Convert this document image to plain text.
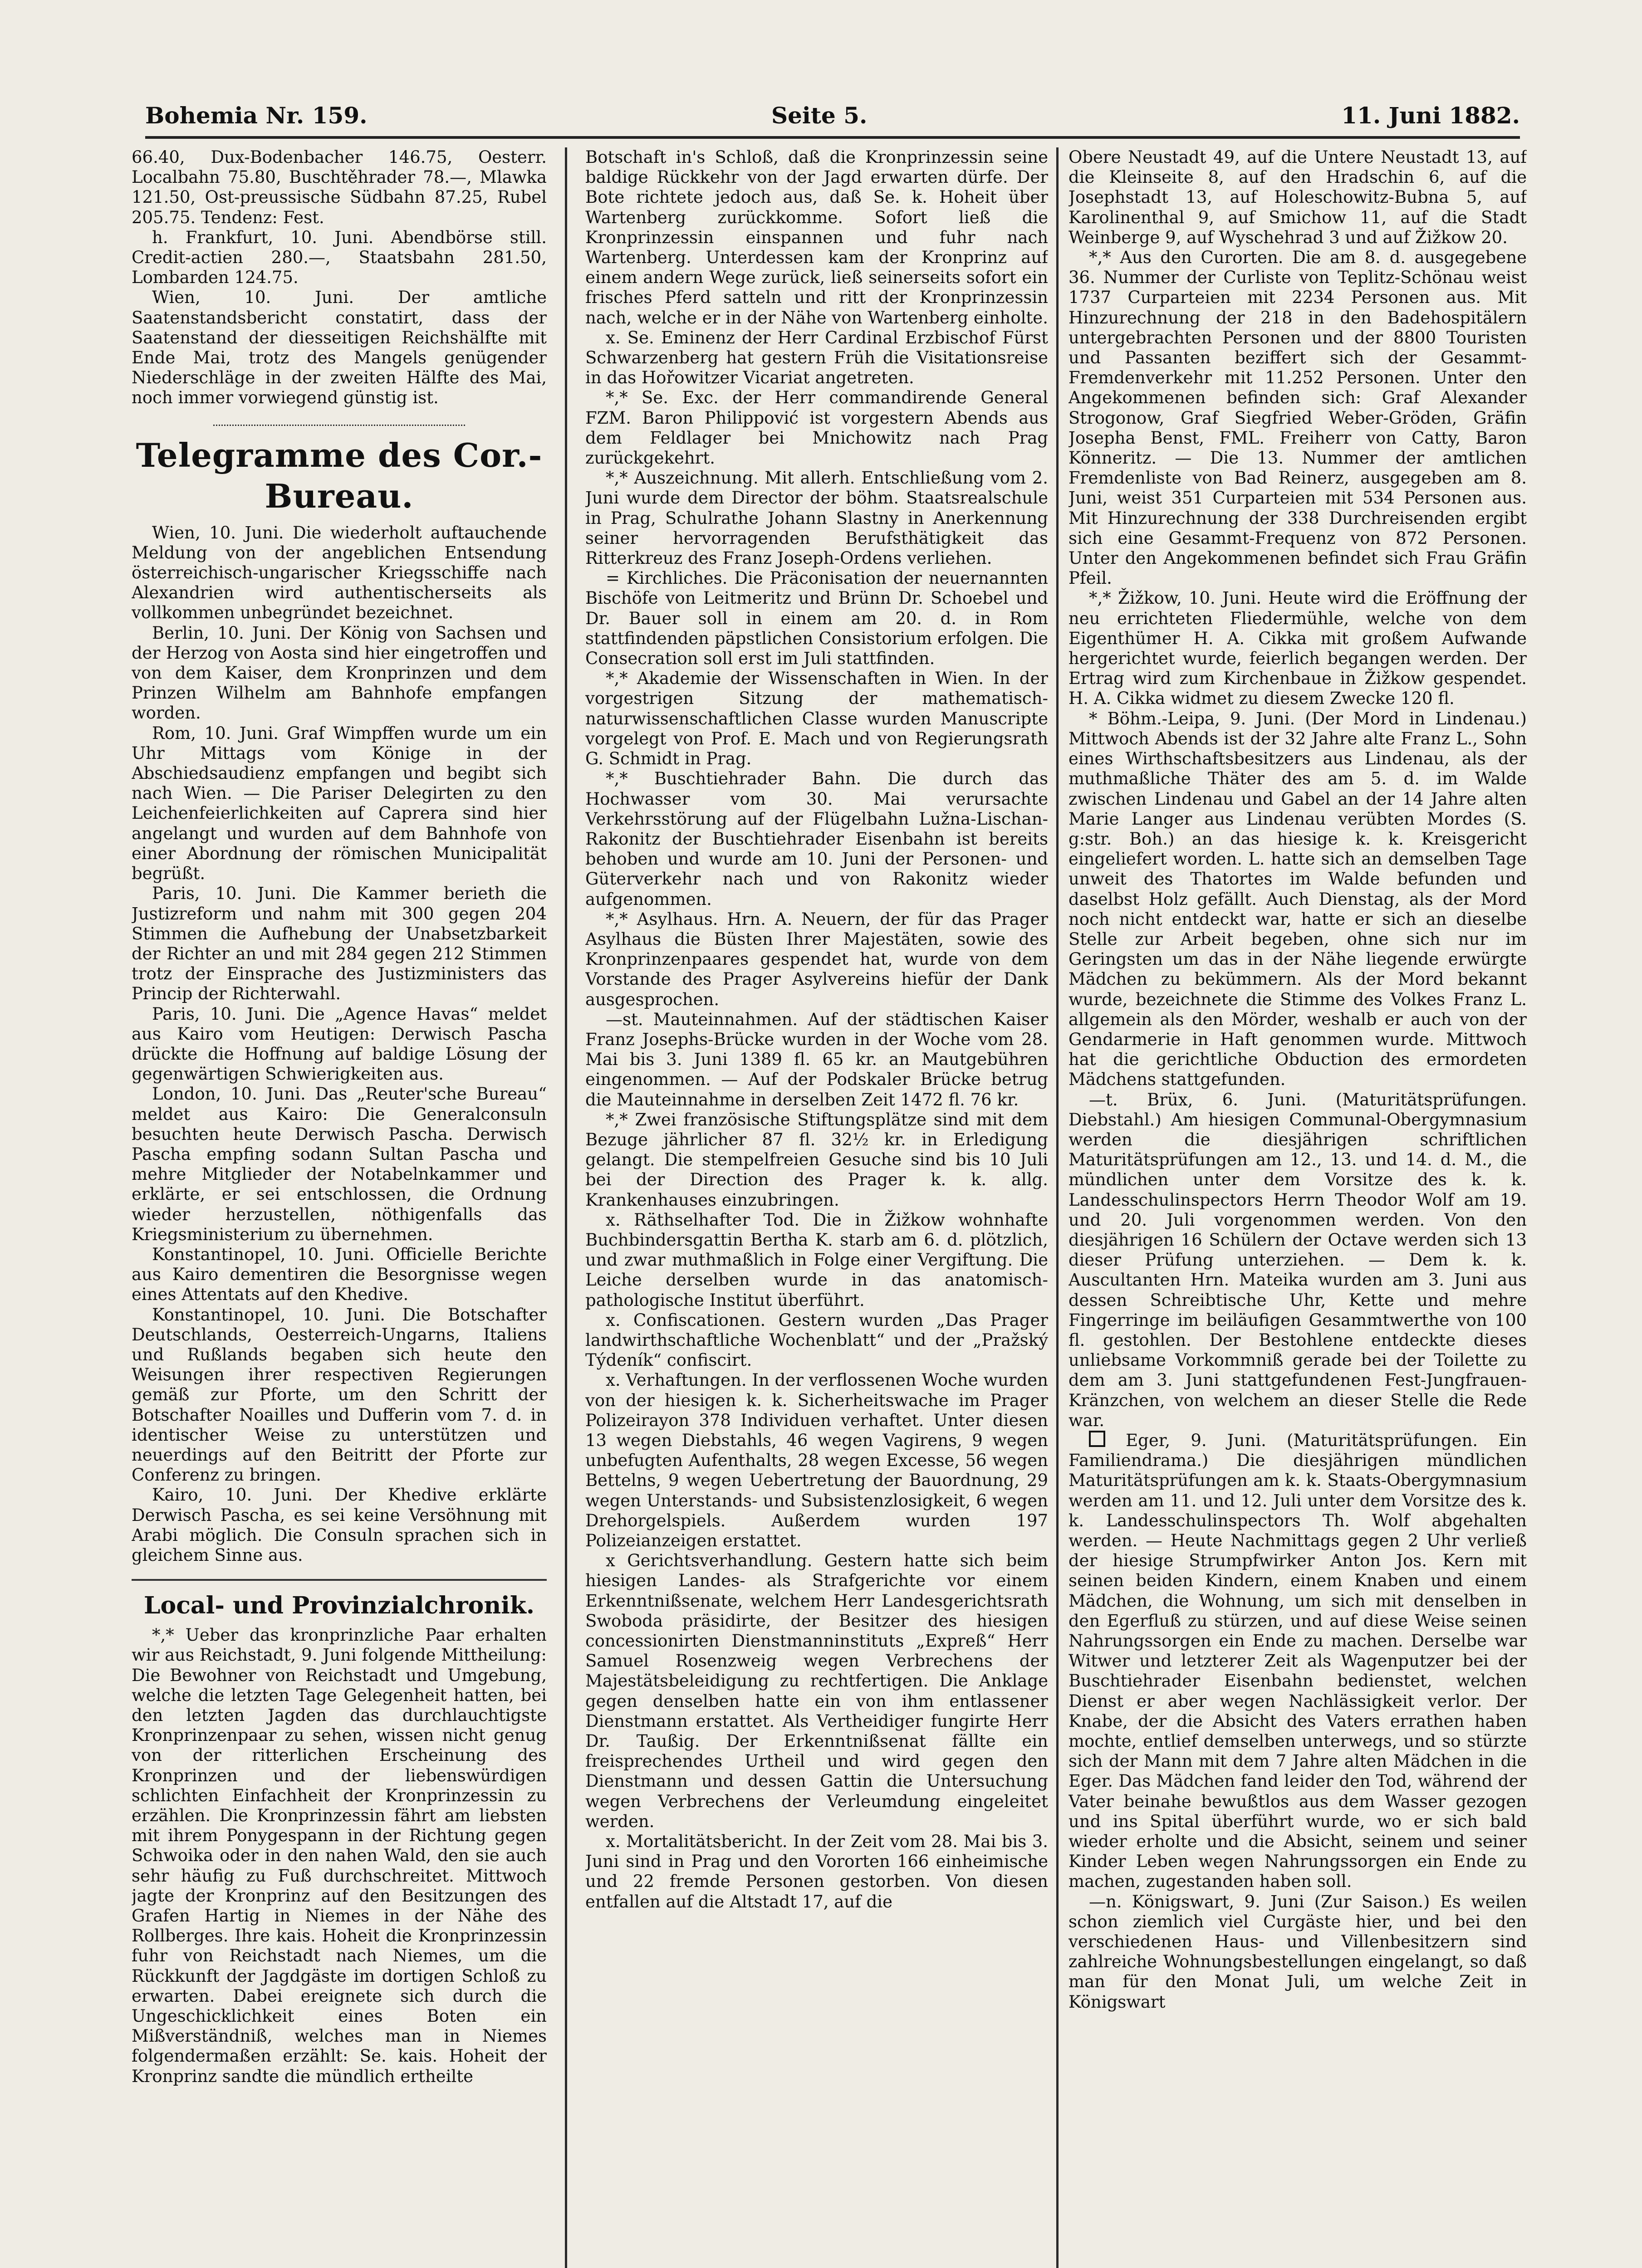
Bohemia Nr. 159.	Seite 5.	11. Juni 1882.

66.40, Dux-Bodenbacher 146.75, Oesterr. Localbahn 75.80, Buschtěhrader 78.—, Mlawka 121.50, Ost-preussische Südbahn 87.25, Rubel 205.75. Tendenz: Fest.

h. Frankfurt, 10. Juni. Abendbörse still. Credit-actien 280.—, Staatsbahn 281.50, Lombarden 124.75.

Wien, 10. Juni. Der amtliche Saatenstandsbericht constatirt, dass der Saatenstand der diesseitigen Reichshälfte mit Ende Mai, trotz des Mangels genügender Niederschläge in der zweiten Hälfte des Mai, noch immer vorwiegend günstig ist.

Telegramme des Cor.-Bureau.

Wien, 10. Juni. Die wiederholt auftauchende Meldung von der angeblichen Entsendung österreichisch-ungarischer Kriegsschiffe nach Alexandrien wird authentischerseits als vollkommen unbegründet bezeichnet.

Berlin, 10. Juni. Der König von Sachsen und der Herzog von Aosta sind hier eingetroffen und von dem Kaiser, dem Kronprinzen und dem Prinzen Wilhelm am Bahnhofe empfangen worden.

Rom, 10. Juni. Graf Wimpffen wurde um ein Uhr Mittags vom Könige in der Abschiedsaudienz empfangen und begibt sich nach Wien. — Die Pariser Delegirten zu den Leichenfeierlichkeiten auf Caprera sind hier angelangt und wurden auf dem Bahnhofe von einer Abordnung der römischen Municipalität begrüßt.

Paris, 10. Juni. Die Kammer berieth die Justizreform und nahm mit 300 gegen 204 Stimmen die Aufhebung der Unabsetzbarkeit der Richter an und mit 284 gegen 212 Stimmen trotz der Einsprache des Justizministers das Princip der Richterwahl.

Paris, 10. Juni. Die „Agence Havas“ meldet aus Kairo vom Heutigen: Derwisch Pascha drückte die Hoffnung auf baldige Lösung der gegenwärtigen Schwierigkeiten aus.

London, 10. Juni. Das „Reuter'sche Bureau“ meldet aus Kairo: Die Generalconsuln besuchten heute Derwisch Pascha. Derwisch Pascha empfing sodann Sultan Pascha und mehre Mitglieder der Notabelnkammer und erklärte, er sei entschlossen, die Ordnung wieder herzustellen, nöthigenfalls das Kriegsministerium zu übernehmen.

Konstantinopel, 10. Juni. Officielle Berichte aus Kairo dementiren die Besorgnisse wegen eines Attentats auf den Khedive.

Konstantinopel, 10. Juni. Die Botschafter Deutschlands, Oesterreich-Ungarns, Italiens und Rußlands begaben sich heute den Weisungen ihrer respectiven Regierungen gemäß zur Pforte, um den Schritt der Botschafter Noailles und Dufferin vom 7. d. in identischer Weise zu unterstützen und neuerdings auf den Beitritt der Pforte zur Conferenz zu bringen.

Kairo, 10. Juni. Der Khedive erklärte Derwisch Pascha, es sei keine Versöhnung mit Arabi möglich. Die Consuln sprachen sich in gleichem Sinne aus.

Local- und Provinzialchronik.

*,* Ueber das kronprinzliche Paar erhalten wir aus Reichstadt, 9. Juni folgende Mittheilung: Die Bewohner von Reichstadt und Umgebung, welche die letzten Tage Gelegenheit hatten, bei den letzten Jagden das durchlauchtigste Kronprinzenpaar zu sehen, wissen nicht genug von der ritterlichen Erscheinung des Kronprinzen und der liebenswürdigen schlichten Einfachheit der Kronprinzessin zu erzählen. Die Kronprinzessin fährt am liebsten mit ihrem Ponygespann in der Richtung gegen Schwoika oder in den nahen Wald, den sie auch sehr häufig zu Fuß durchschreitet. Mittwoch jagte der Kronprinz auf den Besitzungen des Grafen Hartig in Niemes in der Nähe des Rollberges. Ihre kais. Hoheit die Kronprinzessin fuhr von Reichstadt nach Niemes, um die Rückkunft der Jagdgäste im dortigen Schloß zu erwarten. Dabei ereignete sich durch die Ungeschicklichkeit eines Boten ein Mißverständniß, welches man in Niemes folgendermaßen erzählt: Se. kais. Hoheit der Kronprinz sandte die mündlich ertheilte

Botschaft in's Schloß, daß die Kronprinzessin seine baldige Rückkehr von der Jagd erwarten dürfe. Der Bote richtete jedoch aus, daß Se. k. Hoheit über Wartenberg zurückkomme. Sofort ließ die Kronprinzessin einspannen und fuhr nach Wartenberg. Unterdessen kam der Kronprinz auf einem andern Wege zurück, ließ seinerseits sofort ein frisches Pferd satteln und ritt der Kronprinzessin nach, welche er in der Nähe von Wartenberg einholte.

x. Se. Eminenz der Herr Cardinal Erzbischof Fürst Schwarzenberg hat gestern Früh die Visitationsreise in das Hořowitzer Vicariat angetreten.

*,* Se. Exc. der Herr commandirende General FZM. Baron Philippović ist vorgestern Abends aus dem Feldlager bei Mnichowitz nach Prag zurückgekehrt.

*,* Auszeichnung. Mit allerh. Entschließung vom 2. Juni wurde dem Director der böhm. Staatsrealschule in Prag, Schulrathe Johann Slastny in Anerkennung seiner hervorragenden Berufsthätigkeit das Ritterkreuz des Franz Joseph-Ordens verliehen.

= Kirchliches. Die Präconisation der neuernannten Bischöfe von Leitmeritz und Brünn Dr. Schoebel und Dr. Bauer soll in einem am 20. d. in Rom stattfindenden päpstlichen Consistorium erfolgen. Die Consecration soll erst im Juli stattfinden.

*,* Akademie der Wissenschaften in Wien. In der vorgestrigen Sitzung der mathematisch-naturwissenschaftlichen Classe wurden Manuscripte vorgelegt von Prof. E. Mach und von Regierungsrath G. Schmidt in Prag.

*,* Buschtiehrader Bahn. Die durch das Hochwasser vom 30. Mai verursachte Verkehrsstörung auf der Flügelbahn Lužna-Lischan-Rakonitz der Buschtiehrader Eisenbahn ist bereits behoben und wurde am 10. Juni der Personen- und Güterverkehr nach und von Rakonitz wieder aufgenommen.

*,* Asylhaus. Hrn. A. Neuern, der für das Prager Asylhaus die Büsten Ihrer Majestäten, sowie des Kronprinzenpaares gespendet hat, wurde von dem Vorstande des Prager Asylvereins hiefür der Dank ausgesprochen.

—st. Mauteinnahmen. Auf der städtischen Kaiser Franz Josephs-Brücke wurden in der Woche vom 28. Mai bis 3. Juni 1389 fl. 65 kr. an Mautgebühren eingenommen. — Auf der Podskaler Brücke betrug die Mauteinnahme in derselben Zeit 1472 fl. 76 kr.

*,* Zwei französische Stiftungsplätze sind mit dem Bezuge jährlicher 87 fl. 32½ kr. in Erledigung gelangt. Die stempelfreien Gesuche sind bis 10 Juli bei der Direction des Prager k. k. allg. Krankenhauses einzubringen.

x. Räthselhafter Tod. Die in Žižkow wohnhafte Buchbindersgattin Bertha K. starb am 6. d. plötzlich, und zwar muthmaßlich in Folge einer Vergiftung. Die Leiche derselben wurde in das anatomisch-pathologische Institut überführt.

x. Confiscationen. Gestern wurden „Das Prager landwirthschaftliche Wochenblatt“ und der „Pražský Týdeník“ confiscirt.

x. Verhaftungen. In der verflossenen Woche wurden von der hiesigen k. k. Sicherheitswache im Prager Polizeirayon 378 Individuen verhaftet. Unter diesen 13 wegen Diebstahls, 46 wegen Vagirens, 9 wegen unbefugten Aufenthalts, 28 wegen Excesse, 56 wegen Bettelns, 9 wegen Uebertretung der Bauordnung, 29 wegen Unterstands- und Subsistenzlosigkeit, 6 wegen Drehorgelspiels. Außerdem wurden 197 Polizeianzeigen erstattet.

x Gerichtsverhandlung. Gestern hatte sich beim hiesigen Landes- als Strafgerichte vor einem Erkenntnißsenate, welchem Herr Landesgerichtsrath Swoboda präsidirte, der Besitzer des hiesigen concessionirten Dienstmanninstituts „Expreß“ Herr Samuel Rosenzweig wegen Verbrechens der Majestätsbeleidigung zu rechtfertigen. Die Anklage gegen denselben hatte ein von ihm entlassener Dienstmann erstattet. Als Vertheidiger fungirte Herr Dr. Taußig. Der Erkenntnißsenat fällte ein freisprechendes Urtheil und wird gegen den Dienstmann und dessen Gattin die Untersuchung wegen Verbrechens der Verleumdung eingeleitet werden.

x. Mortalitätsbericht. In der Zeit vom 28. Mai bis 3. Juni sind in Prag und den Vororten 166 einheimische und 22 fremde Personen gestorben. Von diesen entfallen auf die Altstadt 17, auf die

Obere Neustadt 49, auf die Untere Neustadt 13, auf die Kleinseite 8, auf den Hradschin 6, auf die Josephstadt 13, auf Holeschowitz-Bubna 5, auf Karolinenthal 9, auf Smichow 11, auf die Stadt Weinberge 9, auf Wyschehrad 3 und auf Žižkow 20.

*,* Aus den Curorten. Die am 8. d. ausgegebene 36. Nummer der Curliste von Teplitz-Schönau weist 1737 Curparteien mit 2234 Personen aus. Mit Hinzurechnung der 218 in den Badehospitälern untergebrachten Personen und der 8800 Touristen und Passanten beziffert sich der Gesammt-Fremdenverkehr mit 11.252 Personen. Unter den Angekommenen befinden sich: Graf Alexander Strogonow, Graf Siegfried Weber-Gröden, Gräfin Josepha Benst, FML. Freiherr von Catty, Baron Könneritz. — Die 13. Nummer der amtlichen Fremdenliste von Bad Reinerz, ausgegeben am 8. Juni, weist 351 Curparteien mit 534 Personen aus. Mit Hinzurechnung der 338 Durchreisenden ergibt sich eine Gesammt-Frequenz von 872 Personen. Unter den Angekommenen befindet sich Frau Gräfin Pfeil.

*,* Žižkow, 10. Juni. Heute wird die Eröffnung der neu errichteten Fliedermühle, welche von dem Eigenthümer H. A. Cikka mit großem Aufwande hergerichtet wurde, feierlich begangen werden. Der Ertrag wird zum Kirchenbaue in Žižkow gespendet. H. A. Cikka widmet zu diesem Zwecke 120 fl.

* Böhm.-Leipa, 9. Juni. (Der Mord in Lindenau.) Mittwoch Abends ist der 32 Jahre alte Franz L., Sohn eines Wirthschaftsbesitzers aus Lindenau, als der muthmaßliche Thäter des am 5. d. im Walde zwischen Lindenau und Gabel an der 14 Jahre alten Marie Langer aus Lindenau verübten Mordes (S. g:str. Boh.) an das hiesige k. k. Kreisgericht eingeliefert worden. L. hatte sich an demselben Tage unweit des Thatortes im Walde befunden und daselbst Holz gefällt. Auch Dienstag, als der Mord noch nicht entdeckt war, hatte er sich an dieselbe Stelle zur Arbeit begeben, ohne sich nur im Geringsten um das in der Nähe liegende erwürgte Mädchen zu bekümmern. Als der Mord bekannt wurde, bezeichnete die Stimme des Volkes Franz L. allgemein als den Mörder, weshalb er auch von der Gendarmerie in Haft genommen wurde. Mittwoch hat die gerichtliche Obduction des ermordeten Mädchens stattgefunden.

—t. Brüx, 6. Juni. (Maturitätsprüfungen. Diebstahl.) Am hiesigen Communal-Obergymnasium werden die diesjährigen schriftlichen Maturitätsprüfungen am 12., 13. und 14. d. M., die mündlichen unter dem Vorsitze des k. k. Landesschulinspectors Herrn Theodor Wolf am 19. und 20. Juli vorgenommen werden. Von den diesjährigen 16 Schülern der Octave werden sich 13 dieser Prüfung unterziehen. — Dem k. k. Auscultanten Hrn. Mateika wurden am 3. Juni aus dessen Schreibtische Uhr, Kette und mehre Fingerringe im beiläufigen Gesammtwerthe von 100 fl. gestohlen. Der Bestohlene entdeckte dieses unliebsame Vorkommniß gerade bei der Toilette zu dem am 3. Juni stattgefundenen Fest-Jungfrauen-Kränzchen, von welchem an dieser Stelle die Rede war.

Eger, 9. Juni. (Maturitätsprüfungen. Ein Familiendrama.) Die diesjährigen mündlichen Maturitätsprüfungen am k. k. Staats-Obergymnasium werden am 11. und 12. Juli unter dem Vorsitze des k. k. Landesschulinspectors Th. Wolf abgehalten werden. — Heute Nachmittags gegen 2 Uhr verließ der hiesige Strumpfwirker Anton Jos. Kern mit seinen beiden Kindern, einem Knaben und einem Mädchen, die Wohnung, um sich mit denselben in den Egerfluß zu stürzen, und auf diese Weise seinen Nahrungssorgen ein Ende zu machen. Derselbe war Witwer und letzterer Zeit als Wagenputzer bei der Buschtiehrader Eisenbahn bedienstet, welchen Dienst er aber wegen Nachlässigkeit verlor. Der Knabe, der die Absicht des Vaters errathen haben mochte, entlief demselben unterwegs, und so stürzte sich der Mann mit dem 7 Jahre alten Mädchen in die Eger. Das Mädchen fand leider den Tod, während der Vater beinahe bewußtlos aus dem Wasser gezogen und ins Spital überführt wurde, wo er sich bald wieder erholte und die Absicht, seinem und seiner Kinder Leben wegen Nahrungssorgen ein Ende zu machen, zugestanden haben soll.

—n. Königswart, 9. Juni (Zur Saison.) Es weilen schon ziemlich viel Curgäste hier, und bei den verschiedenen Haus- und Villenbesitzern sind zahlreiche Wohnungsbestellungen eingelangt, so daß man für den Monat Juli, um welche Zeit in Königswart
